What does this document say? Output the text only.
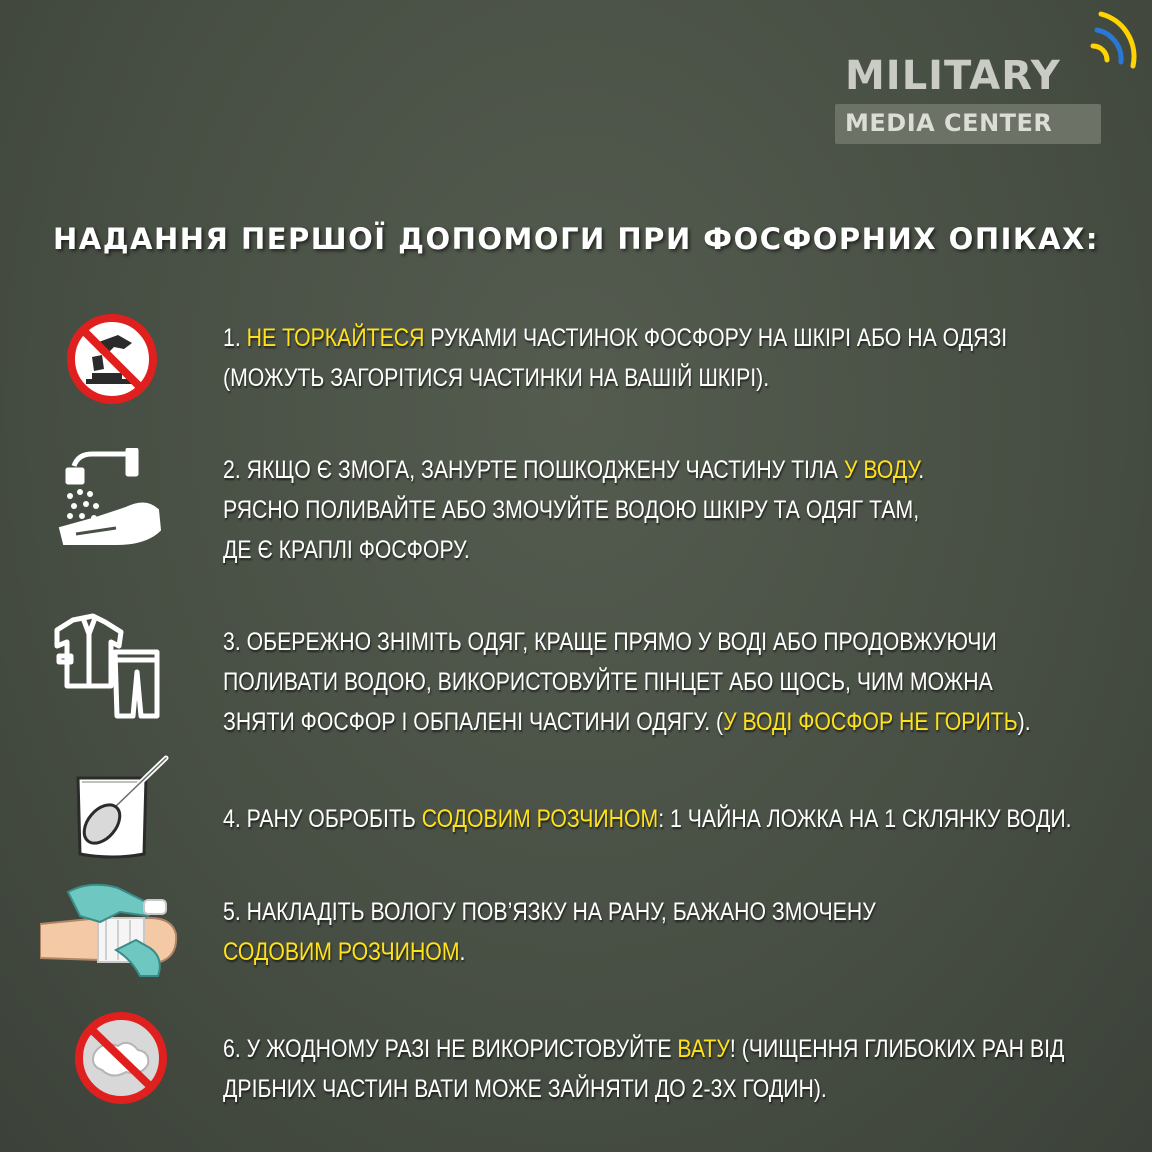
MILITARY
MEDIA CENTER
НАДАННЯ ПЕРШОЇ ДОПОМОГИ ПРИ ФОСФОРНИХ ОПІКАХ:
1. НЕ ТОРКАЙТЕСЯ РУКАМИ ЧАСТИНОК ФОСФОРУ НА ШКІРІ АБО НА ОДЯЗІ
(МОЖУТЬ ЗАГОРІТИСЯ ЧАСТИНКИ НА ВАШІЙ ШКІРІ).
2. ЯКЩО Є ЗМОГА, ЗАНУРТЕ ПОШКОДЖЕНУ ЧАСТИНУ ТІЛА У ВОДУ.
РЯСНО ПОЛИВАЙТЕ АБО ЗМОЧУЙТЕ ВОДОЮ ШКІРУ ТА ОДЯГ ТАМ,
ДЕ Є КРАПЛІ ФОСФОРУ.
3. ОБЕРЕЖНО ЗНІМІТЬ ОДЯГ, КРАЩЕ ПРЯМО У ВОДІ АБО ПРОДОВЖУЮЧИ
ПОЛИВАТИ ВОДОЮ, ВИКОРИСТОВУЙТЕ ПІНЦЕТ АБО ЩОСЬ, ЧИМ МОЖНА
ЗНЯТИ ФОСФОР І ОБПАЛЕНІ ЧАСТИНИ ОДЯГУ. (У ВОДІ ФОСФОР НЕ ГОРИТЬ).
4. РАНУ ОБРОБІТЬ СОДОВИМ РОЗЧИНОМ: 1 ЧАЙНА ЛОЖКА НА 1 СКЛЯНКУ ВОДИ.
5. НАКЛАДІТЬ ВОЛОГУ ПОВ’ЯЗКУ НА РАНУ, БАЖАНО ЗМОЧЕНУ
СОДОВИМ РОЗЧИНОМ.
6. У ЖОДНОМУ РАЗІ НЕ ВИКОРИСТОВУЙТЕ ВАТУ! (ЧИЩЕННЯ ГЛИБОКИХ РАН ВІД
ДРІБНИХ ЧАСТИН ВАТИ МОЖЕ ЗАЙНЯТИ ДО 2-3Х ГОДИН).
